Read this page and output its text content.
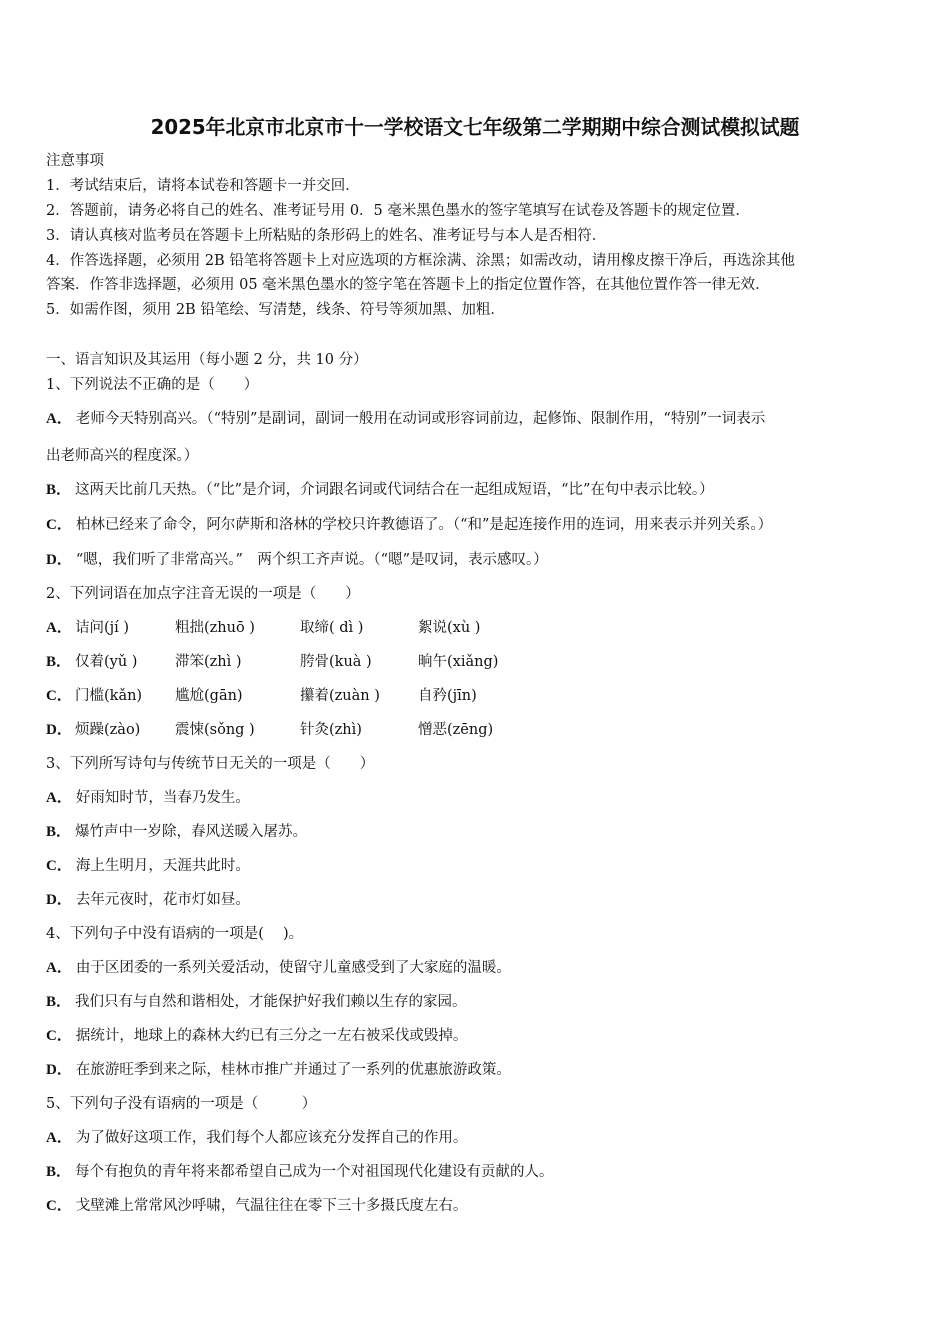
2025年北京市北京市十一学校语文七年级第二学期期中综合测试模拟试题
注意事项
1．考试结束后，请将本试卷和答题卡一并交回．
2．答题前，请务必将自己的姓名、准考证号用 0．5 毫米黑色墨水的签字笔填写在试卷及答题卡的规定位置．
3．请认真核对监考员在答题卡上所粘贴的条形码上的姓名、准考证号与本人是否相符．
4．作答选择题，必须用 2B 铅笔将答题卡上对应选项的方框涂满、涂黑；如需改动，请用橡皮擦干净后，再选涂其他
答案．作答非选择题，必须用 05 毫米黑色墨水的签字笔在答题卡上的指定位置作答，在其他位置作答一律无效．
5．如需作图，须用 2B 铅笔绘、写清楚，线条、符号等须加黑、加粗．
一、语言知识及其运用（每小题 2 分，共 10 分）
1、下列说法不正确的是（　　）
A． 老师今天特别高兴。（“特别”是副词，副词一般用在动词或形容词前边，起修饰、限制作用，“特别”一词表示
出老师高兴的程度深。）
B． 这两天比前几天热。（“比”是介词，介词跟名词或代词结合在一起组成短语，“比”在句中表示比较。）
C． 柏林已经来了命令，阿尔萨斯和洛林的学校只许教德语了。（“和”是起连接作用的连词，用来表示并列关系。）
D． “嗯，我们听了非常高兴。”　两个织工齐声说。（“嗯”是叹词，表示感叹。）
2、下列词语在加点字注音无误的一项是（　　）
A． 诘问(jí )	粗拙(zhuō )	取缔( dì )	絮说(xù )
B． 仅着(yǔ )	滞笨(zhì )	胯骨(kuà )	晌午(xiǎng)
C． 门槛(kǎn) 尴尬(gān)	攥着(zuàn )	自矜(jīn)
D． 烦躁(zào) 震悚(sǒng )	针灸(zhì)	憎恶(zēng)
3、下列所写诗句与传统节日无关的一项是（　　）
A． 好雨知时节，当春乃发生。
B． 爆竹声中一岁除，春风送暖入屠苏。
C． 海上生明月，天涯共此时。
D． 去年元夜时，花市灯如昼。
4、下列句子中没有语病的一项是(　 )。
A． 由于区团委的一系列关爱活动，使留守儿童感受到了大家庭的温暖。
B． 我们只有与自然和谐相处，才能保护好我们赖以生存的家园。
C． 据统计，地球上的森林大约已有三分之一左右被采伐或毁掉。
D． 在旅游旺季到来之际，桂林市推广并通过了一系列的优惠旅游政策。
5、下列句子没有语病的一项是（　　　）
A． 为了做好这项工作，我们每个人都应该充分发挥自己的作用。
B． 每个有抱负的青年将来都希望自己成为一个对祖国现代化建设有贡献的人。
C． 戈壁滩上常常风沙呼啸，气温往往在零下三十多摄氏度左右。
